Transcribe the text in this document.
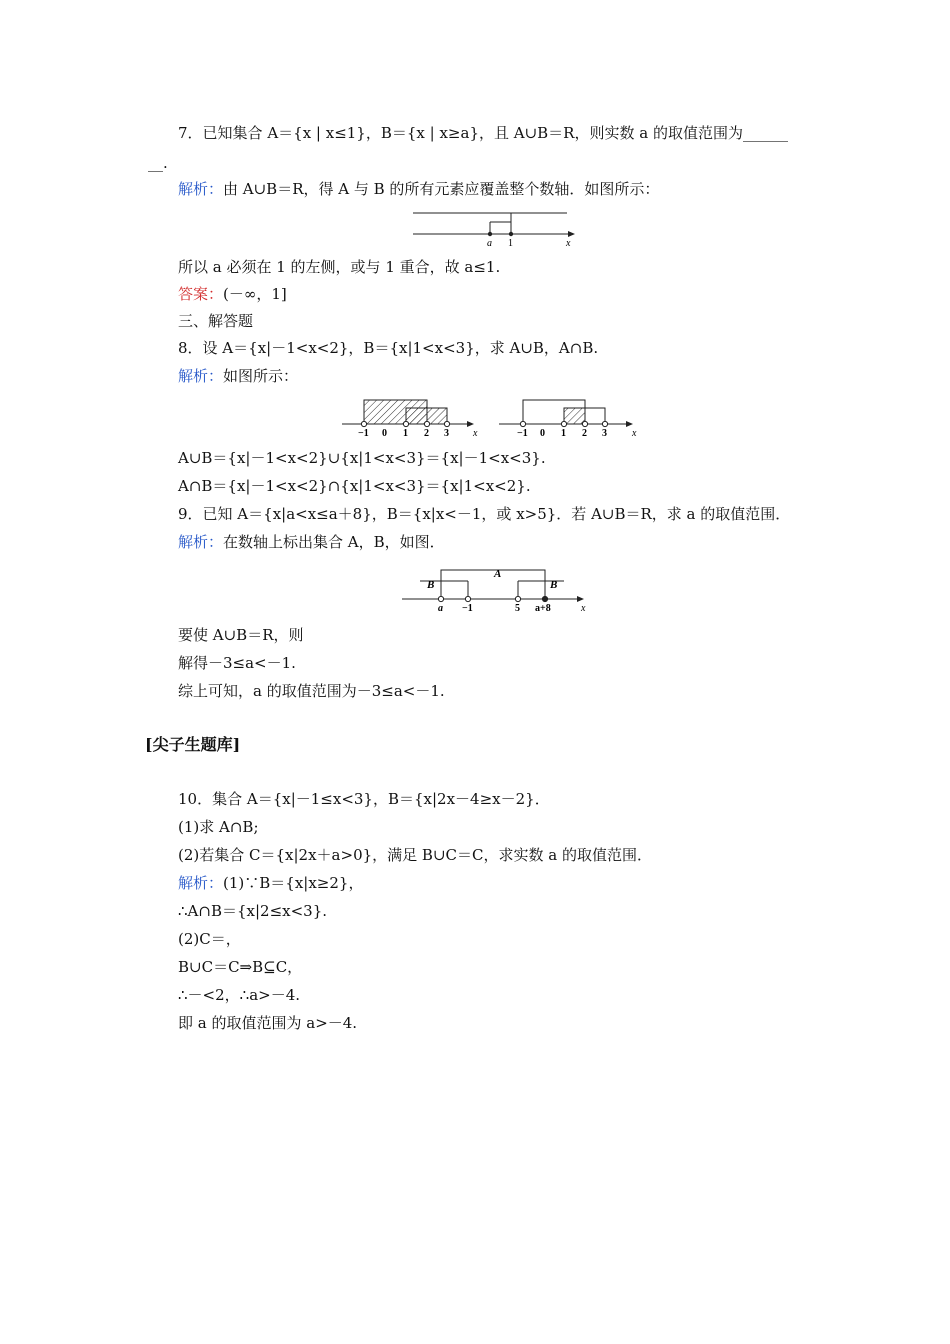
7．已知集合 A＝{x | x≤1}，B＝{x | x≥a}，且 A∪B＝R，则实数 a 的取值范围为______
__.
解析：由 A∪B＝R，得 A 与 B 的所有元素应覆盖整个数轴．如图所示：
a 1	x
所以 a 必须在 1 的左侧，或与 1 重合，故 a≤1.
答案：(－∞，1]
三、解答题
8．设 A＝{x|－1<x<2}，B＝{x|1<x<3}，求 A∪B，A∩B.
解析：如图所示：
−1 0 1 2 3 x	−1 0 1 2 3	x
A∪B＝{x|－1<x<2}∪{x|1<x<3}＝{x|－1<x<3}.
A∩B＝{x|－1<x<2}∩{x|1<x<3}＝{x|1<x<2}.
9．已知 A＝{x|a<x≤a＋8}，B＝{x|x<－1，或 x>5}．若 A∪B＝R，求 a 的取值范围．
解析：在数轴上标出集合 A，B，如图．
B
A
B
a −1	5 a+8	x
要使 A∪B＝R，则
解得－3≤a<－1.
综上可知，a 的取值范围为－3≤a<－1.
[尖子生题库]
10．集合 A＝{x|－1≤x<3}，B＝{x|2x－4≥x－2}．
(1)求 A∩B;
(2)若集合 C＝{x|2x＋a>0}，满足 B∪C＝C，求实数 a 的取值范围．
解析：(1)∵B＝{x|x≥2}，
∴A∩B＝{x|2≤x<3}.
(2)C＝，
B∪C＝C⇒B⊆C，
∴－<2，∴a>－4.
即 a 的取值范围为 a>－4.
